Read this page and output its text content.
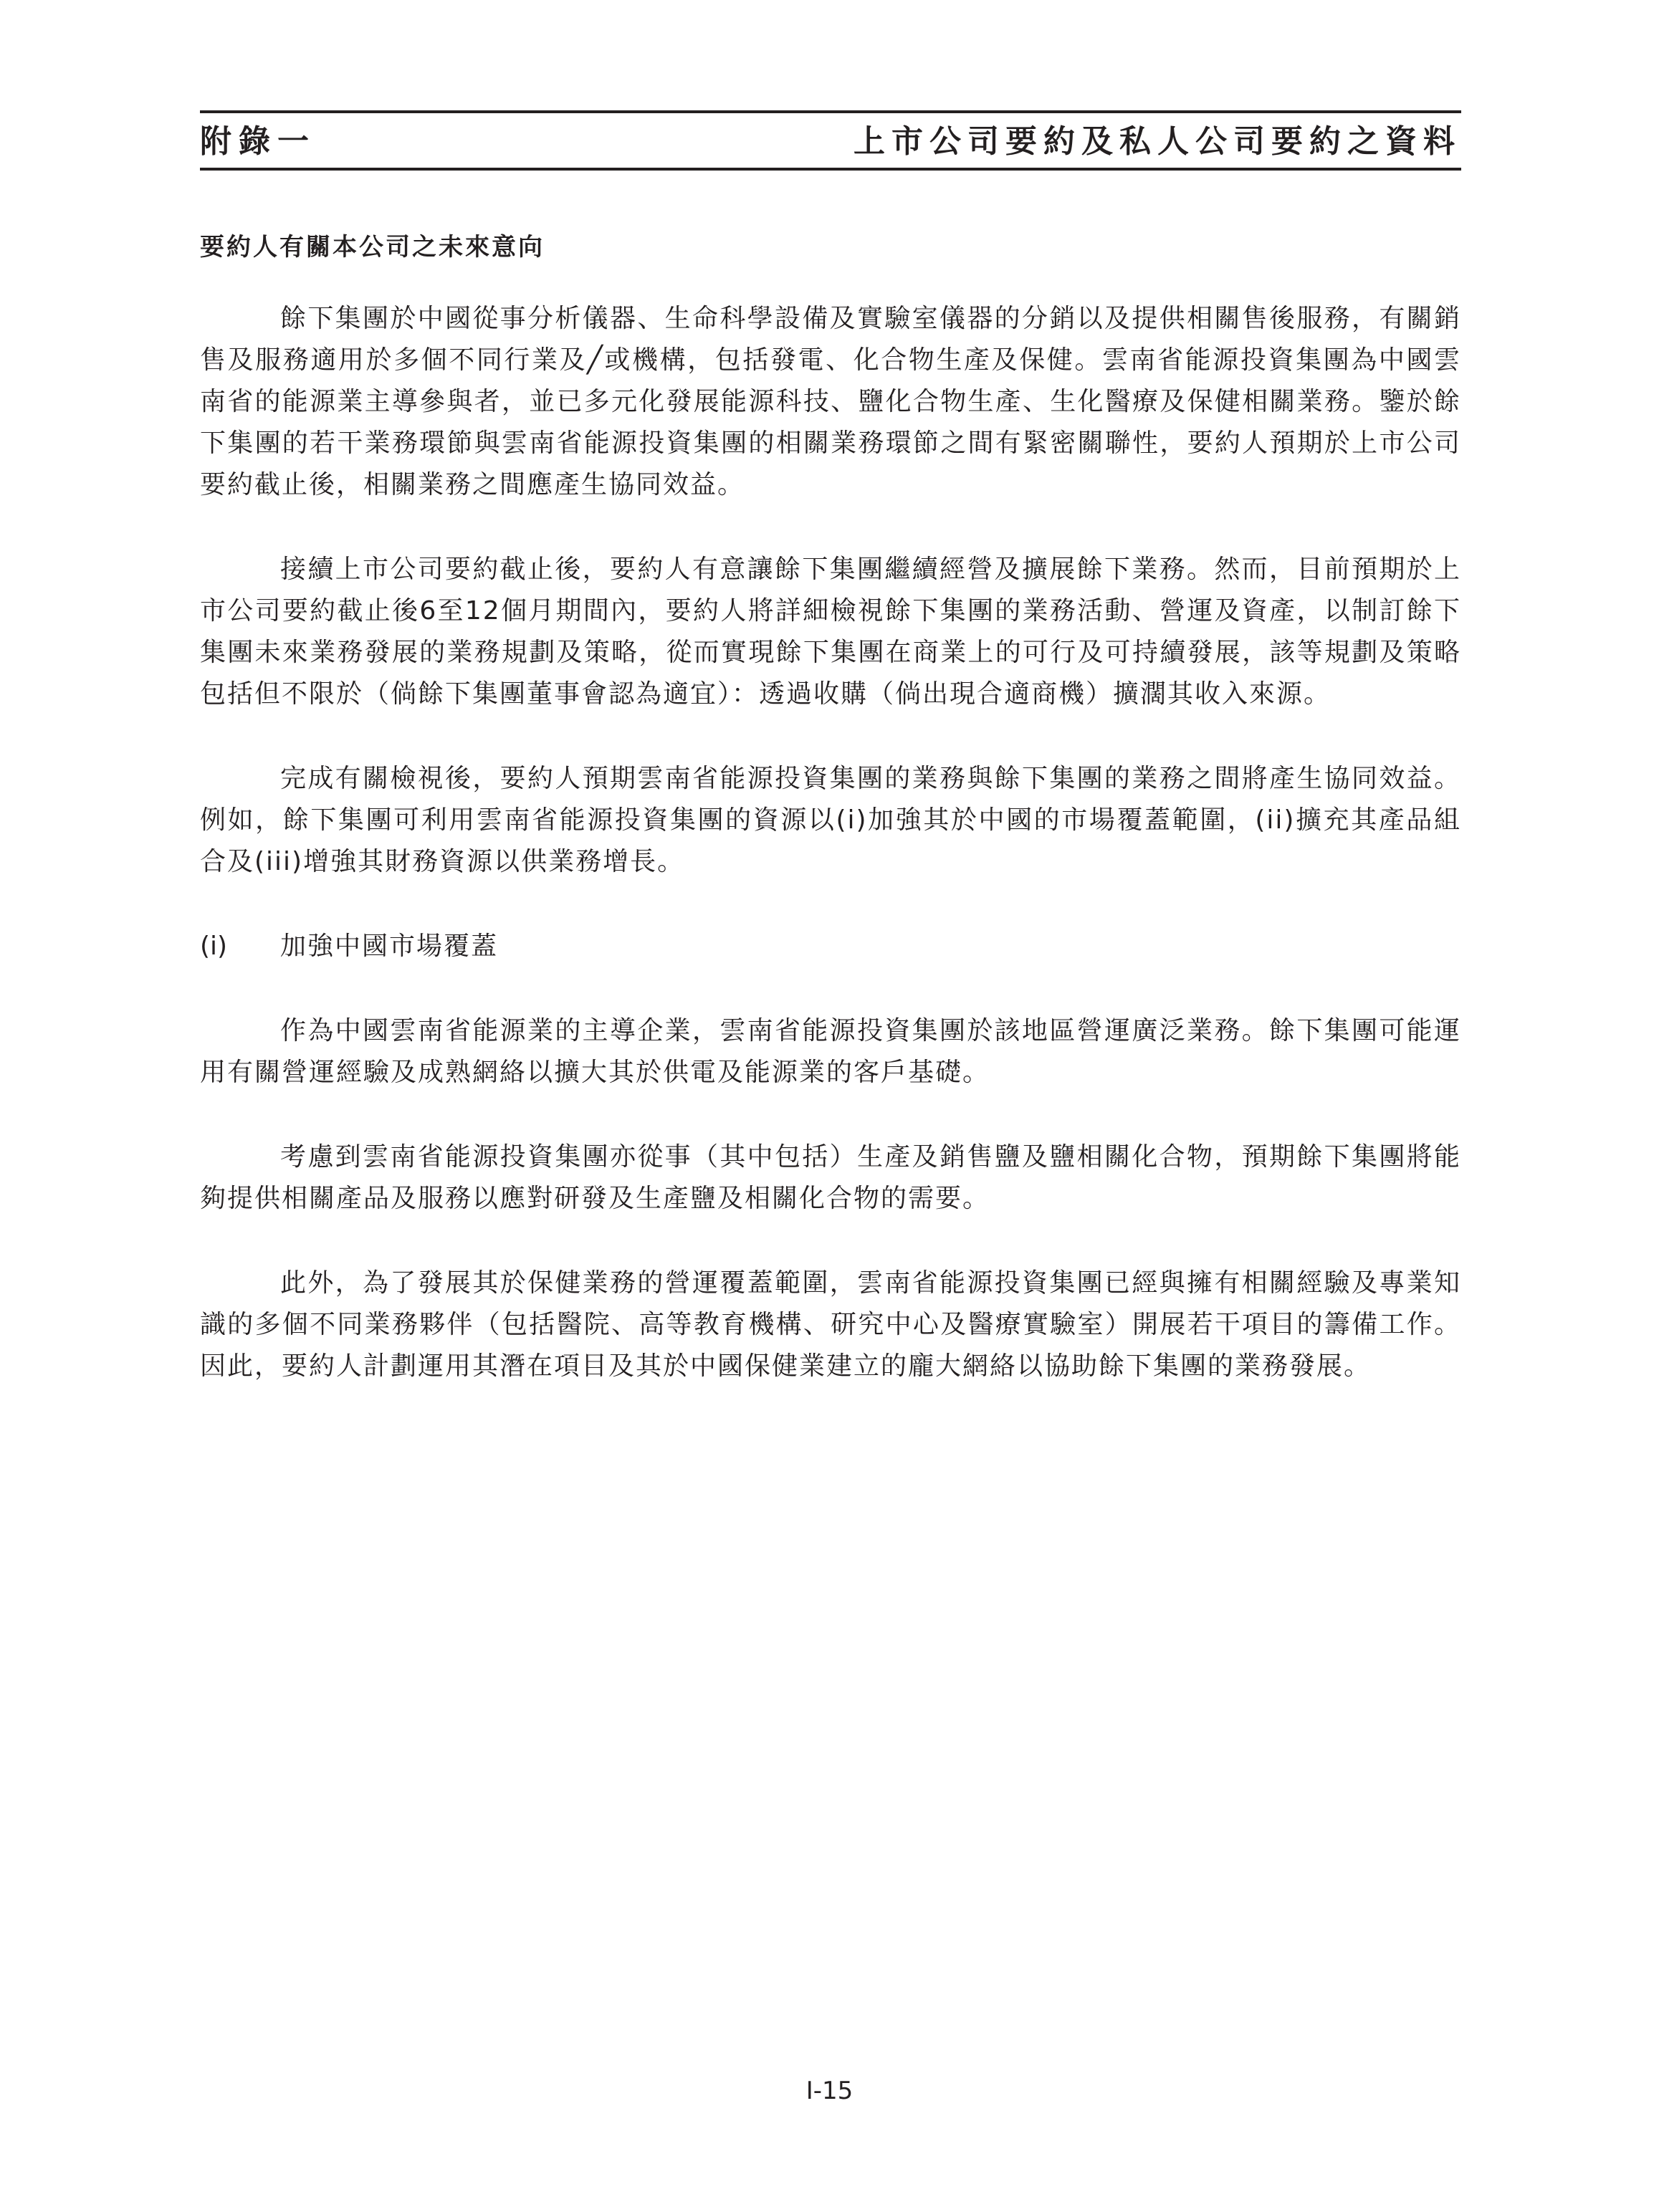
附錄一	上市公司要約及私人公司要約之資料
要約人有關本公司之未來意向

餘下集團於中國從事分析儀器、生命科學設備及實驗室儀器的分銷以及提供相關售後服務，有關銷售及服務適用於多個不同行業及╱或機構，包括發電、化合物生產及保健。雲南省能源投資集團為中國雲南省的能源業主導參與者，並已多元化發展能源科技、鹽化合物生產、生化醫療及保健相關業務。鑒於餘下集團的若干業務環節與雲南省能源投資集團的相關業務環節之間有緊密關聯性，要約人預期於上市公司要約截止後，相關業務之間應產生協同效益。

接續上市公司要約截止後，要約人有意讓餘下集團繼續經營及擴展餘下業務。然而，目前預期於上市公司要約截止後6至12個月期間內，要約人將詳細檢視餘下集團的業務活動、營運及資產，以制訂餘下集團未來業務發展的業務規劃及策略，從而實現餘下集團在商業上的可行及可持續發展，該等規劃及策略包括但不限於（倘餘下集團董事會認為適宜）：透過收購（倘出現合適商機）擴濶其收入來源。

完成有關檢視後，要約人預期雲南省能源投資集團的業務與餘下集團的業務之間將產生協同效益。例如，餘下集團可利用雲南省能源投資集團的資源以(i)加強其於中國的市場覆蓋範圍，(ii)擴充其產品組合及(iii)增強其財務資源以供業務增長。

(i) 加強中國市場覆蓋

作為中國雲南省能源業的主導企業，雲南省能源投資集團於該地區營運廣泛業務。餘下集團可能運用有關營運經驗及成熟網絡以擴大其於供電及能源業的客戶基礎。

考慮到雲南省能源投資集團亦從事（其中包括）生產及銷售鹽及鹽相關化合物，預期餘下集團將能夠提供相關產品及服務以應對研發及生產鹽及相關化合物的需要。

此外，為了發展其於保健業務的營運覆蓋範圍，雲南省能源投資集團已經與擁有相關經驗及專業知識的多個不同業務夥伴（包括醫院、高等教育機構、研究中心及醫療實驗室）開展若干項目的籌備工作。因此，要約人計劃運用其潛在項目及其於中國保健業建立的龐大網絡以協助餘下集團的業務發展。

I-15
